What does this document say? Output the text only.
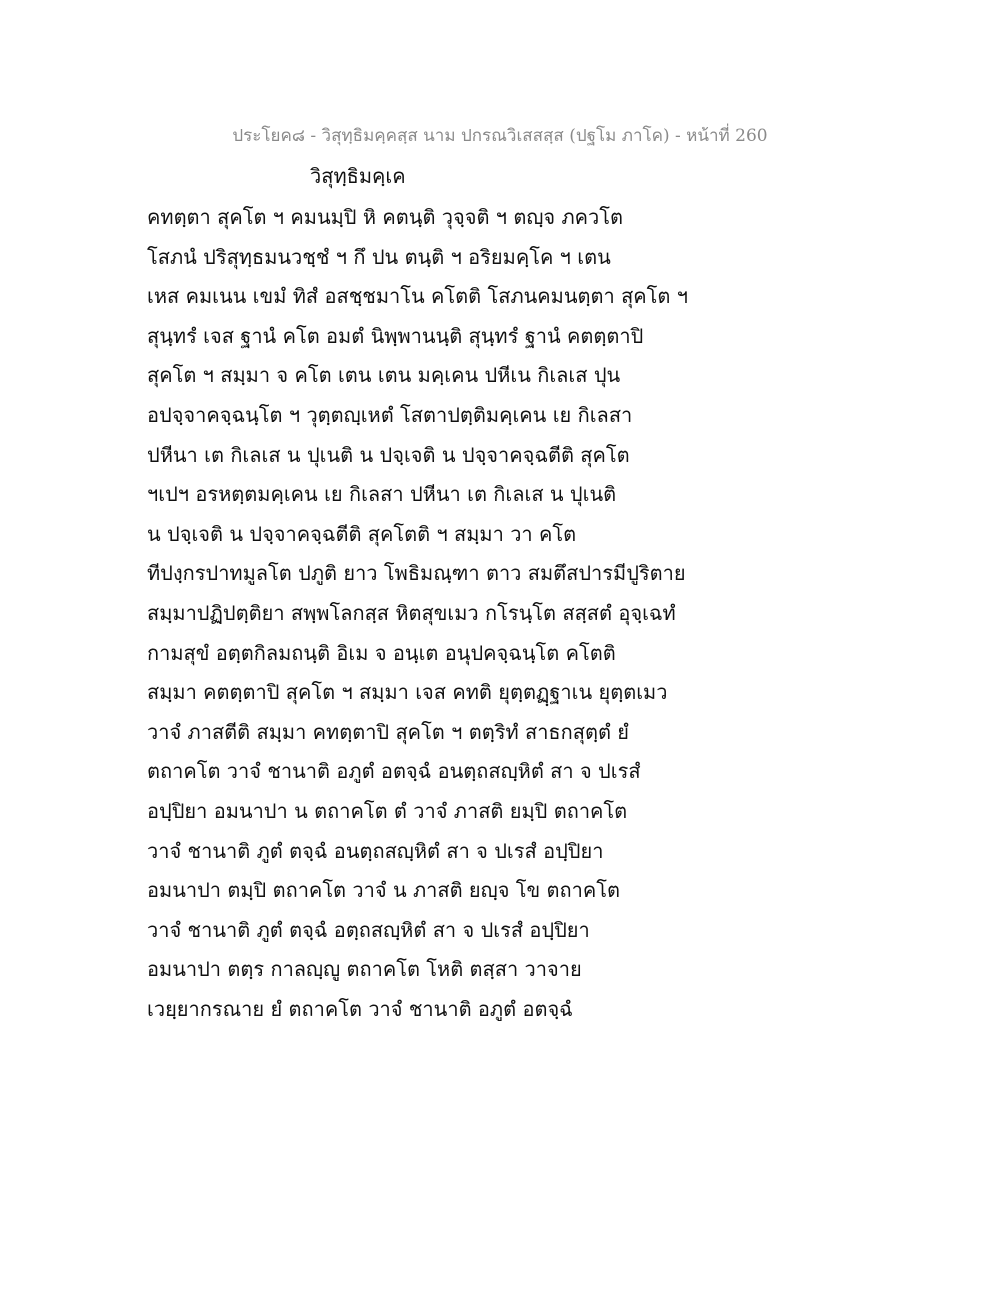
ประโยค๘ - วิสุทฺธิมคฺคสฺส นาม ปกรณวิเสสสฺส (ปฐโม ภาโค) - หน้าที่ 260
วิสุทฺธิมคฺเค
คทตฺตา สุคโต ฯ คมนมฺปิ หิ คตนฺติ วุจฺจติ ฯ ตญฺจ ภควโต
โสภนํ ปริสุทฺธมนวชฺชํ ฯ กึ ปน ตนฺติ ฯ อริยมคฺโค ฯ เตน
เหส คมเนน เขมํ ทิสํ อสชฺชมาโน คโตติ โสภนคมนตฺตา สุคโต ฯ
สุนฺทรํ เจส ฐานํ คโต อมตํ นิพฺพานนฺติ สุนฺทรํ ฐานํ คตตฺตาปิ
สุคโต ฯ สมฺมา จ คโต เตน เตน มคฺเคน ปหีเน กิเลเส ปุน
อปจฺจาคจฺฉนฺโต ฯ วุตฺตญฺเหตํ โสตาปตฺติมคฺเคน เย กิเลสา
ปหีนา เต กิเลเส น ปุเนติ น ปจฺเจติ น ปจฺจาคจฺฉตีติ สุคโต
ฯเปฯ อรหตฺตมคฺเคน เย กิเลสา ปหีนา เต กิเลเส น ปุเนติ
น ปจฺเจติ น ปจฺจาคจฺฉตีติ สุคโตติ ฯ สมฺมา วา คโต
ทีปงฺกรปาทมูลโต ปภูติ ยาว โพธิมณฺฑา ตาว สมตึสปารมีปูริตาย
สมฺมาปฏิปตฺติยา สพฺพโลกสฺส หิตสุขเมว กโรนฺโต สสฺสตํ อุจฺเฉทํ
กามสุขํ อตฺตกิลมถนฺติ อิเม จ อนฺเต อนุปคจฺฉนฺโต คโตติ
สมฺมา คตตฺตาปิ สุคโต ฯ สมฺมา เจส คทติ ยุตฺตฏฺฐาเน ยุตฺตเมว
วาจํ ภาสตีติ สมฺมา คทตฺตาปิ สุคโต ฯ ตตฺริทํ สาธกสุตฺตํ ยํ
ตถาคโต วาจํ ชานาติ อภูตํ อตจฺฉํ อนตฺถสญฺหิตํ สา จ ปเรสํ
อปฺปิยา อมนาปา น ตถาคโต ตํ วาจํ ภาสติ ยมฺปิ ตถาคโต
วาจํ ชานาติ ภูตํ ตจฺฉํ อนตฺถสญฺหิตํ สา จ ปเรสํ อปฺปิยา
อมนาปา ตมฺปิ ตถาคโต วาจํ น ภาสติ ยญฺจ โข ตถาคโต
วาจํ ชานาติ ภูตํ ตจฺฉํ อตฺถสญฺหิตํ สา จ ปเรสํ อปฺปิยา
อมนาปา ตตฺร กาลญฺญู ตถาคโต โหติ ตสฺสา วาจาย
เวยฺยากรณาย ยํ ตถาคโต วาจํ ชานาติ อภูตํ อตจฺฉํ
